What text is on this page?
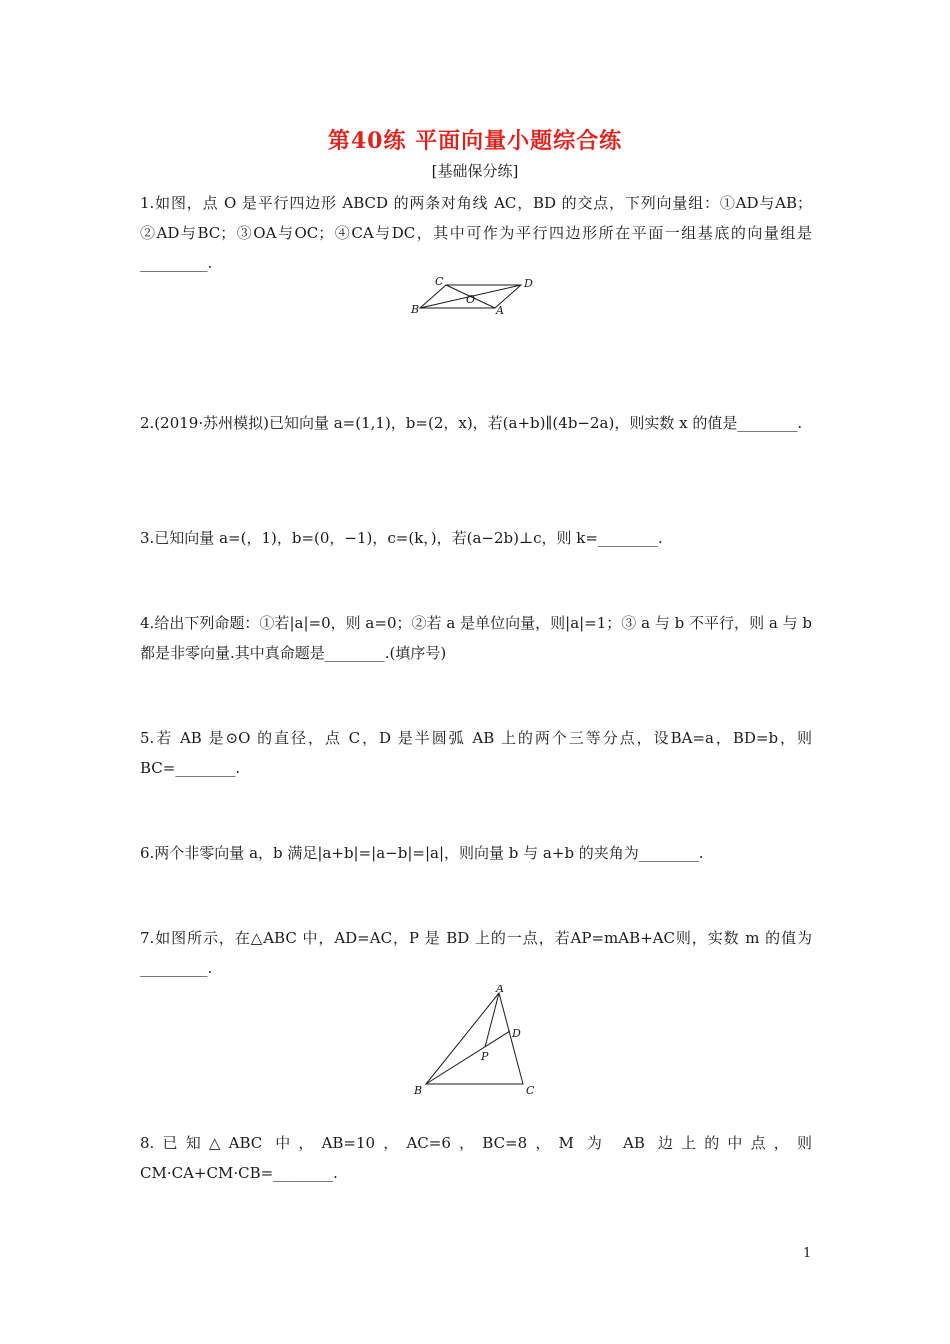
第40练 平面向量小题综合练
[基础保分练]
1.如图，点 O 是平行四边形 ABCD 的两条对角线 AC，BD 的交点，下列向量组：①AD与AB；②AD与BC；③OA与OC；④CA与DC，其中可作为平行四边形所在平面一组基底的向量组是_________.
C	D
O
B	A
2.(2019·苏州模拟)已知向量 a=(1,1)，b=(2，x)，若(a+b)∥(4b−2a)，则实数 x 的值是________.
3.已知向量 a=(，1)，b=(0，−1)，c=(k，)，若(a−2b)⊥c，则 k=________.
4.给出下列命题：①若|a|=0，则 a=0；②若 a 是单位向量，则|a|=1；③ a 与 b 不平行，则 a 与 b 都是非零向量.其中真命题是________.(填序号)
5.若 AB 是⊙O 的直径，点 C，D 是半圆弧 AB 上的两个三等分点，设BA=a，BD=b，则BC=________.
6.两个非零向量 a，b 满足|a+b|=|a−b|=|a|，则向量 b 与 a+b 的夹角为________.
7.如图所示，在△ABC 中，AD=AC，P 是 BD 上的一点，若AP=mAB+AC则，实数 m 的值为_________.
A
D
P
B	C
8.已知△ABC 中，AB=10，AC=6，BC=8，M 为 AB 边上的中点，则CM·CA+CM·CB=________.
1
